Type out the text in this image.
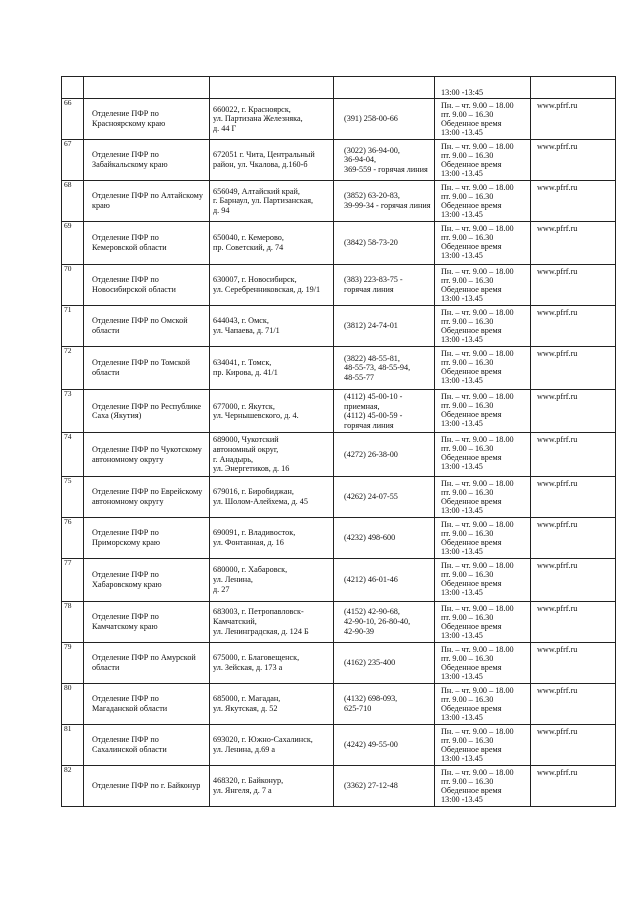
				13:00 -13:45	
66	Отделение ПФР по Красноярскому краю	660022, г. Красноярск,
ул. Партизана Железняка,
д. 44 Г	(391) 258-00-66	Пн. – чт. 9.00 – 18.00
пт. 9.00 – 16.30
Обеденное время
13:00 -13.45	www.pfrf.ru
67	Отделение ПФР по Забайкальскому краю	672051 г. Чита, Центральный район, ул. Чкалова, д.160-б	(3022) 36-94-00,
36-94-04,
369-559 - горячая линия	Пн. – чт. 9.00 – 18.00
пт. 9.00 – 16.30
Обеденное время
13:00 -13.45	www.pfrf.ru
68	Отделение ПФР по Алтайскому краю	656049, Алтайский край,
г. Барнаул, ул. Партизанская,
д. 94	(3852) 63-20-83,
39-99-34 - горячая линия	Пн. – чт. 9.00 – 18.00
пт. 9.00 – 16.30
Обеденное время
13:00 -13.45	www.pfrf.ru
69	Отделение ПФР по Кемеровской области	650040, г. Кемерово,
пр. Советский, д. 74	(3842) 58-73-20	Пн. – чт. 9.00 – 18.00
пт. 9.00 – 16.30
Обеденное время
13:00 -13.45	www.pfrf.ru
70	Отделение ПФР по Новосибирской области	630007, г. Новосибирск,
ул. Серебренниковская, д. 19/1	(383) 223-83-75 -
горячая линия	Пн. – чт. 9.00 – 18.00
пт. 9.00 – 16.30
Обеденное время
13:00 -13.45	www.pfrf.ru
71	Отделение ПФР по Омской области	644043, г. Омск,
ул. Чапаева, д. 71/1	(3812) 24-74-01	Пн. – чт. 9.00 – 18.00
пт. 9.00 – 16.30
Обеденное время
13:00 -13.45	www.pfrf.ru
72	Отделение ПФР по Томской области	634041, г. Томск,
пр. Кирова, д. 41/1	(3822) 48-55-81,
48-55-73, 48-55-94,
48-55-77	Пн. – чт. 9.00 – 18.00
пт. 9.00 – 16.30
Обеденное время
13:00 -13.45	www.pfrf.ru
73	Отделение ПФР по Республике Саха (Якутия)	677000, г. Якутск,
ул. Чернышевского, д. 4.	(4112) 45-00-10 -
приемная,
(4112) 45-00-59 -
горячая линия	Пн. – чт. 9.00 – 18.00
пт. 9.00 – 16.30
Обеденное время
13:00 -13.45	www.pfrf.ru
74	Отделение ПФР по Чукотскому автономному округу	689000, Чукотский
автономный округ,
г. Анадырь,
ул. Энергетиков, д. 16	(4272) 26-38-00	Пн. – чт. 9.00 – 18.00
пт. 9.00 – 16.30
Обеденное время
13:00 -13.45	www.pfrf.ru
75	Отделение ПФР по Еврейскому автономному округу	679016, г. Биробиджан,
ул. Шолом-Алейхема, д. 45	(4262) 24-07-55	Пн. – чт. 9.00 – 18.00
пт. 9.00 – 16.30
Обеденное время
13:00 -13.45	www.pfrf.ru
76	Отделение ПФР по Приморскому краю	690091, г. Владивосток,
ул. Фонтанная, д. 16	(4232) 498-600	Пн. – чт. 9.00 – 18.00
пт. 9.00 – 16.30
Обеденное время
13:00 -13.45	www.pfrf.ru
77	Отделение ПФР по Хабаровскому краю	680000, г. Хабаровск,
ул. Ленина,
д. 27	(4212) 46-01-46	Пн. – чт. 9.00 – 18.00
пт. 9.00 – 16.30
Обеденное время
13:00 -13.45	www.pfrf.ru
78	Отделение ПФР по Камчатскому краю	683003, г. Петропавловск-
Камчатский,
ул. Ленинградская, д. 124 Б	(4152) 42-90-68,
42-90-10, 26-80-40,
42-90-39	Пн. – чт. 9.00 – 18.00
пт. 9.00 – 16.30
Обеденное время
13:00 -13.45	www.pfrf.ru
79	Отделение ПФР по Амурской области	675000, г. Благовещенск,
ул. Зейская, д. 173 а	(4162) 235-400	Пн. – чт. 9.00 – 18.00
пт. 9.00 – 16.30
Обеденное время
13:00 -13.45	www.pfrf.ru
80	Отделение ПФР по Магаданской области	685000, г. Магадан,
ул. Якутская, д. 52	(4132) 698-093,
625-710	Пн. – чт. 9.00 – 18.00
пт. 9.00 – 16.30
Обеденное время
13:00 -13.45	www.pfrf.ru
81	Отделение ПФР по Сахалинской области	693020, г. Южно-Сахалинск,
ул. Ленина, д.69 а	(4242) 49-55-00	Пн. – чт. 9.00 – 18.00
пт. 9.00 – 16.30
Обеденное время
13:00 -13.45	www.pfrf.ru
82	Отделение ПФР по г. Байконур	468320, г. Байконур,
ул. Янгеля, д. 7 а	(3362) 27-12-48	Пн. – чт. 9.00 – 18.00
пт. 9.00 – 16.30
Обеденное время
13:00 -13.45	www.pfrf.ru
